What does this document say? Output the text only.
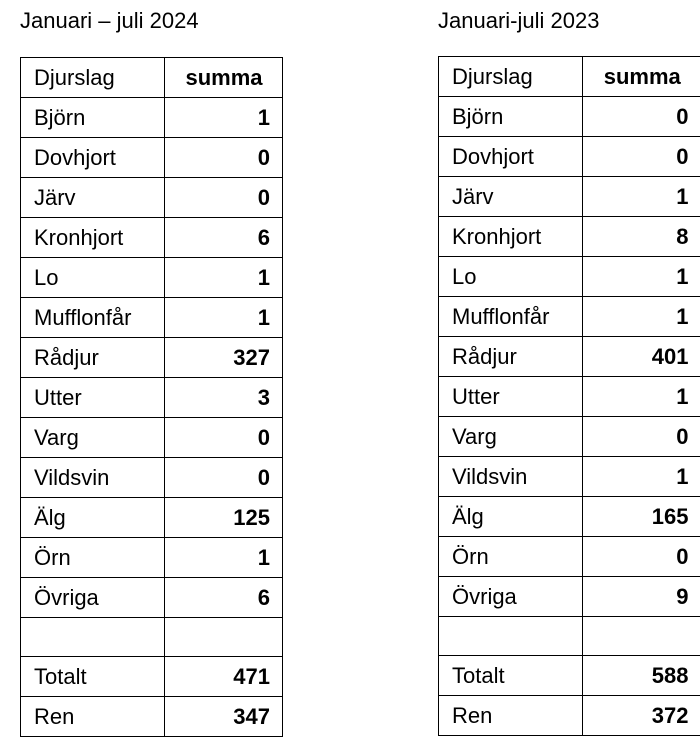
Januari – juli 2024
Djurslag	summa
Björn	1
Dovhjort	0
Järv	0
Kronhjort	6
Lo	1
Mufflonfår	1
Rådjur	327
Utter	3
Varg	0
Vildsvin	0
Älg	125
Örn	1
Övriga	6

Totalt	471
Ren	347
Januari-juli 2023
Djurslag	summa
Björn	0
Dovhjort	0
Järv	1
Kronhjort	8
Lo	1
Mufflonfår	1
Rådjur	401
Utter	1
Varg	0
Vildsvin	1
Älg	165
Örn	0
Övriga	9

Totalt	588
Ren	372
